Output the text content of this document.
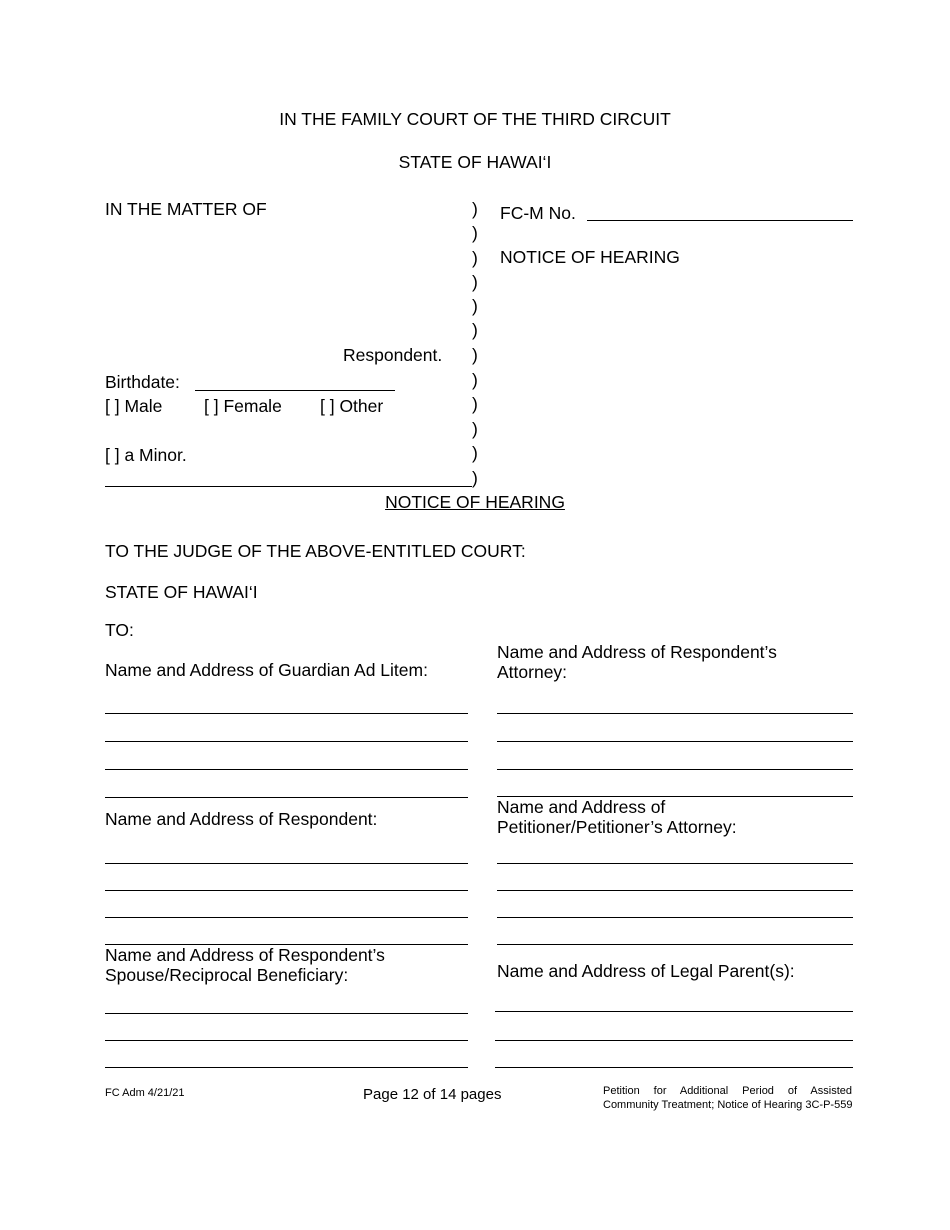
IN THE FAMILY COURT OF THE THIRD CIRCUIT
STATE OF HAWAI‘I
IN THE MATTER OF
Respondent.
Birthdate:
[ ] Male [ ] Female [ ] Other
[ ] a Minor.
)
)
)
)
)
)
)
)
)
)
)
)
FC-M No.
NOTICE OF HEARING
NOTICE OF HEARING
TO THE JUDGE OF THE ABOVE-ENTITLED COURT:
STATE OF HAWAI‘I
TO:
Name and Address of Guardian Ad Litem:
Name and Address of Respondent’s Attorney:
Name and Address of Respondent:
Name and Address of Petitioner/Petitioner’s Attorney:
Name and Address of Respondent’s Spouse/Reciprocal Beneficiary:	Name and Address of Legal Parent(s):
FC Adm 4/21/21	Page 12 of 14 pages	Petition for Additional Period of Assisted
Community Treatment; Notice of Hearing 3C-P-559
